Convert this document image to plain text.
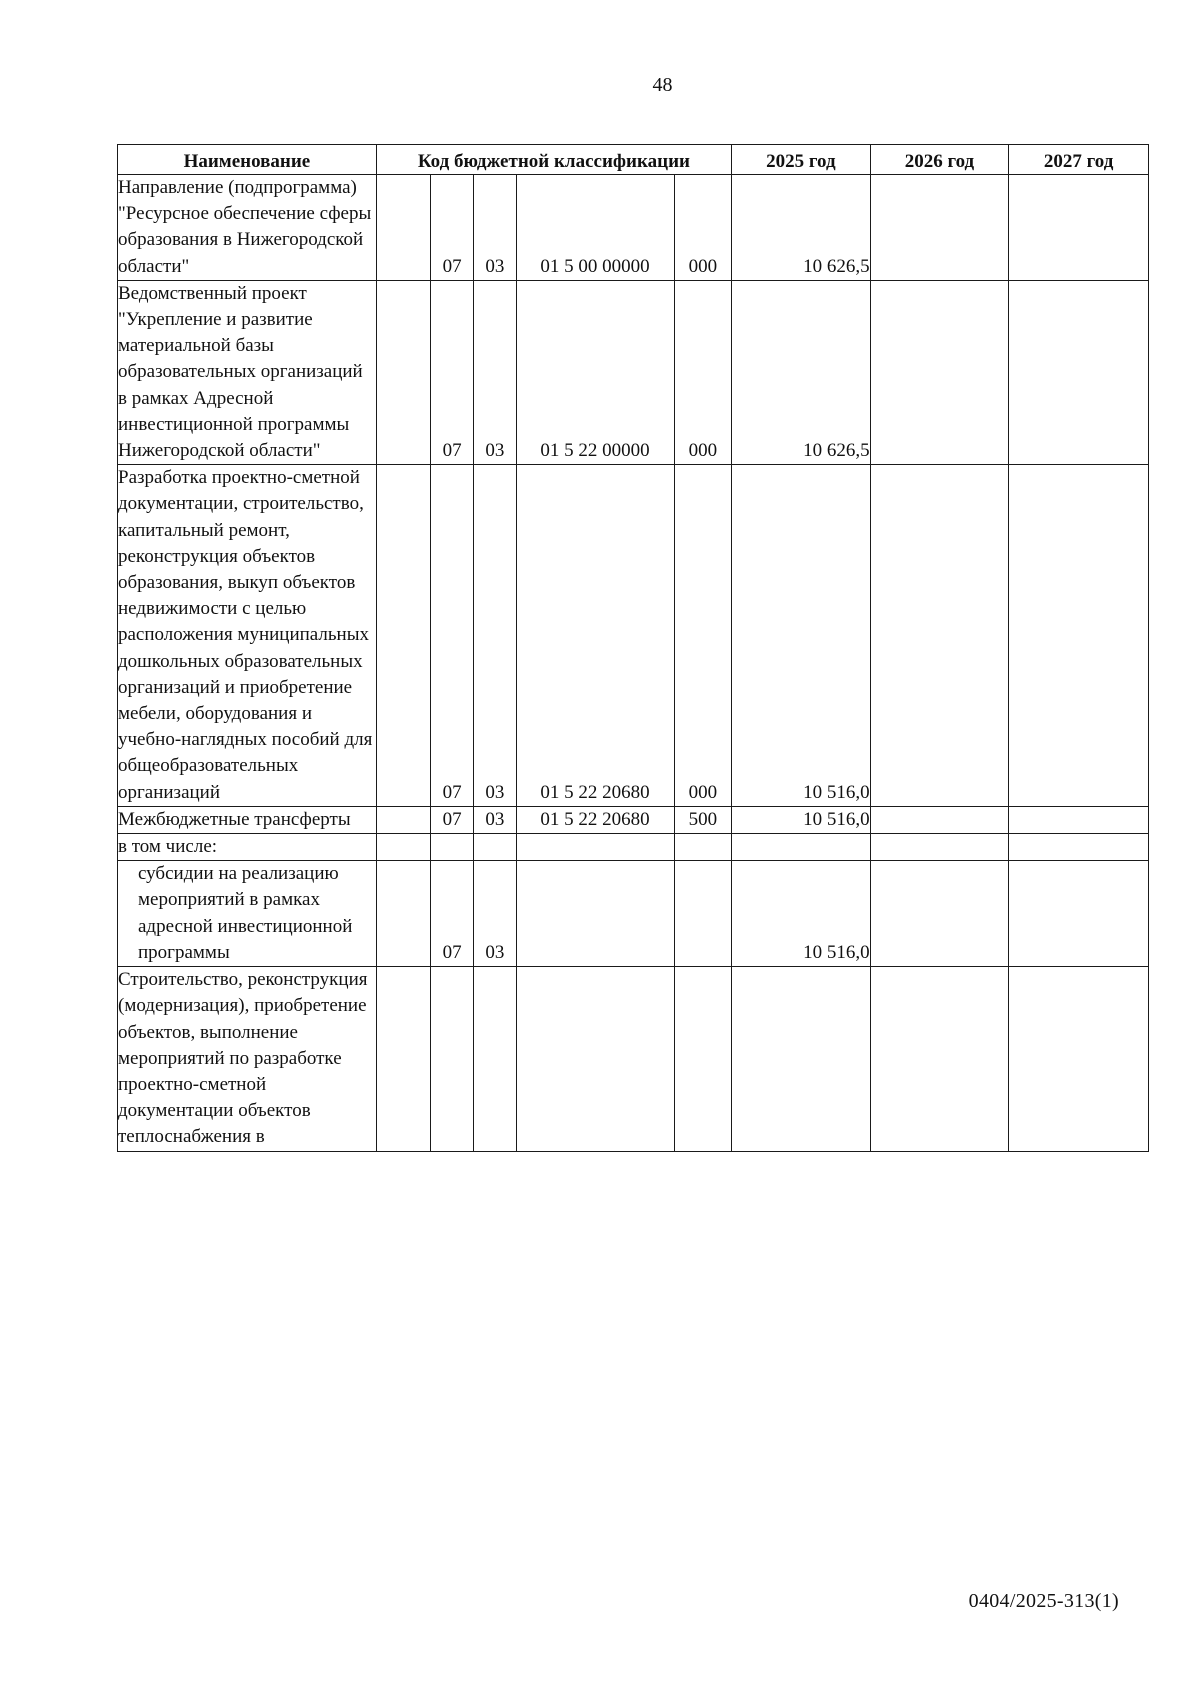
48
Наименование	Код бюджетной классификации					2025 год	2026 год	2027 год
Направление (подпрограмма) "Ресурсное обеспечение сферы образования в Нижегородской области"		07	03	01 5 00 00000	000	10 626,5		
Ведомственный проект "Укрепление и развитие материальной базы образовательных организаций в рамках Адресной инвестиционной программы Нижегородской области"		07	03	01 5 22 00000	000	10 626,5		
Разработка проектно-сметной документации, строительство, капитальный ремонт, реконструкция объектов образования, выкуп объектов недвижимости с целью расположения муниципальных дошкольных образовательных организаций и приобретение мебели, оборудования и учебно-наглядных пособий для общеобразовательных организаций		07	03	01 5 22 20680	000	10 516,0		
Межбюджетные трансферты		07	03	01 5 22 20680	500	10 516,0		
в том числе:								
субсидии на реализацию мероприятий в рамках адресной инвестиционной программы		07	03			10 516,0		
Строительство, реконструкция (модернизация), приобретение объектов, выполнение мероприятий по разработке проектно-сметной документации объектов теплоснабжения в								
0404/2025-313(1)
